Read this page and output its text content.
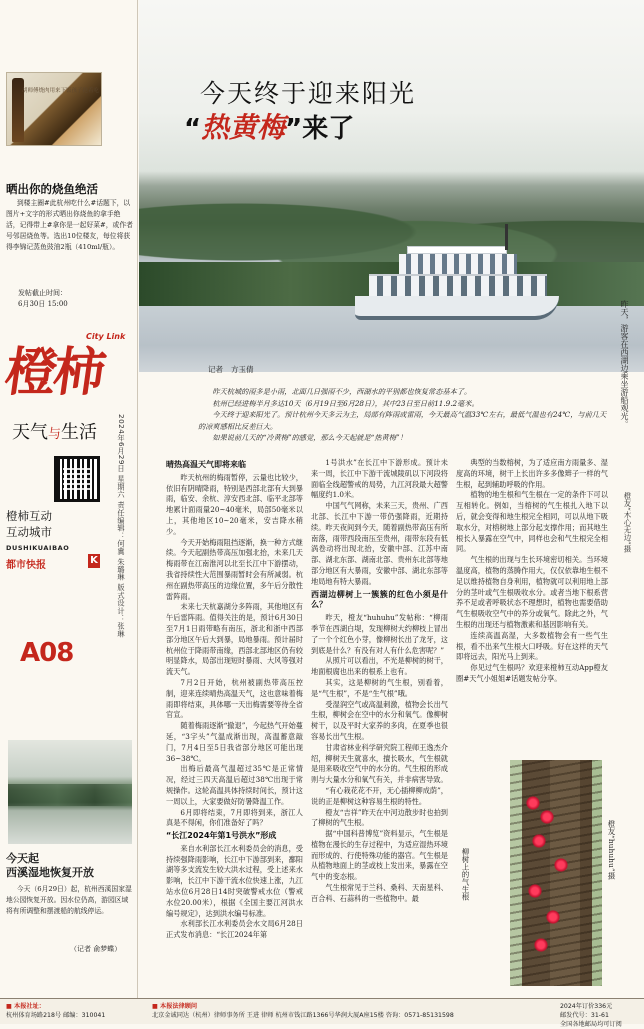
胡师傅烧肉用来下饭孩子抢着吃
晒出你的烧鱼绝活
到楼主圈#此杭州吃什么#话题下，以图片+文字的形式晒出你烧鱼的拿手绝活，记得带上#拿你是一起好菜#，或作者号邻居烧鱼等。选出10位楼友，每位将获得李锦记蒸鱼豉油2瓶（410ml/瓶）。
发帖截止时间：
6月30日 15:00
橙柿
City Link
天气与生活	2024年6月29日 星期六 责任编辑：何冀 朱璐琳 版式设计：张琳
橙柿互动
互动城市
DUSHIKUAIBAO
都市快报	K
A08
今天起
西溪湿地恢复开放
今天（6月29日）起，杭州西溪国家湿地公园恢复开放。因水位仍高，游园区域将有所调整和摆渡船的航线停运。
（记者 俞梦蝶）
今天终于迎来阳光
“热黄梅”来了
昨天，游客在西湖边乘坐游船观光。
橙友“木心无边”摄
记者 方玉倩

昨天杭城的雨多是小雨，北面几日强雨不少，西湖水的平别都也恢复常态基本了。

杭州已经进梅半月多达10天（6月19日至6月28日），其中23日至日前11.9.2毫米。

今天终于迎来阳光了。预计杭州今天多云为主，局部有阵雨或雷雨，今天最高气温33℃左右，最低气温也有24℃，与前几天的凉爽感相比反差巨大。

如果说前几天的“冷黄梅”的感觉，那么今天起就是“热黄梅”！

晴热高温天气即将来临

昨天杭州的梅雨暂停，云量也比较少，依旧有阴晴降雨，特别是西部北部有大到暴雨，临安、余杭、淳安西北部、临平北部等地累计面雨量20~40毫米，局部50毫米以上，其他地区10~20毫米，安吉降水稍少。

今天开始梅雨阻挡逐渐，换一种方式继续。今天起副热带高压加强北抬，未来几天梅雨带在江南淮河以北至长江中下游摆动，我省持续性大范围暴雨暂时会有所减弱。杭州在副热带高压的边缘位置，多午后分散性雷阵雨。

未来七天杭嘉湖分多阵雨，其他地区有午后雷阵雨。值得关注的是，预计6月30日至7月1日雨带略有南压，浙北和浙中西部部分地区午后大到暴，局地暴雨。预计届时杭州位于降雨带南缘，西部北部地区仍有较明显降水，局部出现短时暴雨、大风等强对流天气。

7月2日开始，杭州被副热带高压控制，迎来连续晴热高温天气，这也意味着梅雨即将结束，具体哪一天出梅需要等待全省官宣。

随着梅雨逐渐“撤退”，今起热气开始蔓延，“3字头”气温成渐出现，高温蓄意敲门，7月4日至5日我省部分地区可能出现36~38℃。

出梅后最高气温超过35℃是正常情况，经过三四天高温后超过38℃出现于常规操作。这轮高温具体持续时间长，预计这一周以上，大家要做好防暑降温工作。

6月即将结束，7月即将到来，浙江人真是不得闲，你们准备好了吗？

“长江2024年第1号洪水”形成

来自水利部长江水利委员会的消息，受持续强降雨影响，长江中下游部到来，鄱阳湖等多支流发生较大洪水过程，受上述来水影响，长江中下游干流水位快速上涨，九江站水位6月28日14时突破警戒水位（警戒水位20.00米），根据《全国主要江河洪水编号规定》，达到洪水编号标准。

水利部长江水利委员会水文局6月28日正式发布消息：“长江2024年第

1号洪水”在长江中下游形成。预计未来一周，长江中下游干流城陵矶以下河段将面临全线超警戒的局势，九江河段最大超警幅度约1.0米。

中国气气网称，未来三天，贵州、广西北部、长江中下游一带仍强降雨，近期持续。昨天夜间到今天，随着副热带高压有所南落，雨带西段南压至贵州，雨带东段有低涡卷动将出现北抬，安徽中部、江苏中南部、湖北东部、湖南北部、贵州东北部等地部分地区有大暴雨，安徽中部、湖北东部等地局地有特大暴雨。

西湖边柳树上一簇簇的红色小须是什么？

昨天，橙友“huhuhu”发帖称：“柳雨季节在西湖白堤，发现柳树大约柳枝上冒出了一个个红色小芽，像柳树长出了龙牙，这到底是什么？有没有对人有什么危害呢？”

从照片可以看出，不光是柳树的树干，地面根腐也出来的根系上也有。

其实，这是柳树的气生根，别看着，是“气生根”，不是“生气根”哦。

受湿润空气或高温刺激，植物会长出气生根，柳树会在空中的水分和氧气。像柳树树干，以及平时大家养的多肉，在夏季也很容易长出气生根。

甘肃省林业科学研究院工程师王逸杰介绍，柳树天生就喜水，擅长吸水，气生根就是用来吸收空气中的水分的。气生根的形成则与大量水分和氧气有关，并非病害导致。

“有心栽花花不开，无心插柳柳成荫”，说的正是柳树这种容易生根的特性。

橙友“吉祥”昨天在中河边散步时也拍到了柳树的气生根。

据“中国科普博览”资料显示，气生根是植物在漫长的生存过程中，为适应湿热环境而形成的、行使特殊功能的器官。气生根是从植物地面上的茎或枝上发出来，暴露在空气中的变态根。

气生根常见于兰科、桑科、天南星科、百合科、石蒜科的一些植物中。最

典型的当数榕树，为了适应南方雨量多、湿度高的环境，树干上长出许多多像辫子一样的气生根，起到辅助呼吸的作用。

植物的地生根和气生根在一定的条件下可以互相转化。例如，当榕树的气生根扎入地下以后，就会变得和地生根完全相同，可以从地下吸取水分，对榕树地上部分起支撑作用；而其地生根长入暴露在空气中，同样也会和气生根完全相同。

气生根的出现与生长环境密切相关。当环境温度高，植物的蒸腾作用大，仅仅依靠地生根不足以维持植物自身利用，植物就可以利用地上部分的茎叶或气生根吸收水分。或者当地下根系营养不足或者呼吸状态不理想时，植物也需要借助气生根吸收空气中的养分或氧气。除此之外，气生根的出现还与植物激素和基因影响有关。

连续高温高湿，大多数植物会有一些气生根，看不出来气生根大口呼吸。好在这样的天气即将远去，阳光马上到来。

你见过气生根吗？欢迎来橙柿互动App橙友圈#天气小姐姐#话题发帖分享。

柳树上的气生根	橙友“huhuhu”摄
■ 本报社址：
杭州体育场路218号 邮编：310041
■ 本报法律顾问
北京金诚同达（杭州）律师事务所 王进 律师 杭州市钱江路1366号华润大厦A座15楼 咨询：0571-85131598
2024年订价336元
邮发代号：31-61
全国各地邮局均可订阅
